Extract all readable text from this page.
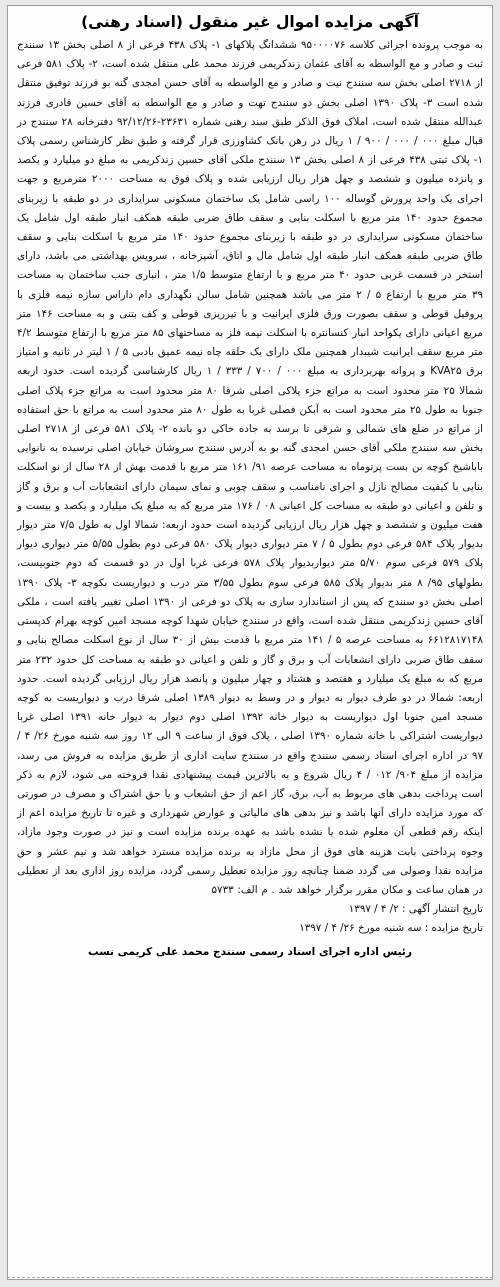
آگهی مزایده اموال غیر منقول (اسناد رهنی)
به موجب پرونده اجرائی کلاسه ۹۵۰۰۰۰۷۶ ششدانگ پلاکهای ۱- پلاک ۴۳۸ فرعی از ۸ اصلی بخش ۱۳ سنندج ثبت و صادر و مع الواسطه به آقای عثمان زندکریمی فرزند محمد علی منتقل شده است، ۲- پلاک ۵۸۱ فرعی از ۲۷۱۸ اصلی بخش سه سنندج نیت و صادر و مع الواسطه به آقای حسن امجدی گنه بو فرزند توفیق منتقل شده است ۳- پلاک ۱۳۹۰ اصلی بخش دو سنندج تهت و صادر و مع الواسطه به آقای حسین قادری فرزند عبدالله منتقل شده است، املاک فوق الذکر طبق سند رهنی شماره ۲۳۶۳۱-۹۲/۱۲/۲۶ دفترخانه ۲۸ سنندج در قبال مبلغ ۰۰۰ / ۰۰۰ / ۹۰۰ / ۱ ریال در رهن بانک کشاورزی قرار گرفته و طبق نظر کارشناس رسمی پلاک ۱- پلاک ثبتی ۴۳۸ فرعی از ۸ اصلی بخش ۱۳ سنندج ملکی آقای حسین زندکریمی به مبلغ دو میلیارد و یکصد و پانزده میلیون و ششصد و چهل هزار ریال ارزیابی شده و پلاک فوق به مساحت ۲۰۰۰ مترمربع و جهت اجرای یک واحد پرورش گوساله ۱۰۰ راسی شامل یک ساختمان مسکونی سرایداری در دو طبقه با زیربنای مجموع حدود ۱۴۰ متر مربع با اسکلت بنایی و سقف طاق ضربی طبقه همکف انبار طبقه اول شامل یک ساختمان مسکونی سرایداری در دو طبقه با زیربنای مجموع حدود ۱۴۰ متر مربع با اسکلت بنایی و سقف طاق ضربی طبقه همکف انبار طبقه اول شامل مال و اتاق، آشپزخانه ، سرویس بهداشتی می باشد، دارای استخر در قسمت غربی حدود ۴۰ متر مربع و با ارتفاع متوسط ۱/۵ متر ، انباری جنب ساختمان به مساحت ۳۹ متر مربع با ارتفاع ۵ / ۲ متر می باشد همچنین شامل سالن نگهداری دام داراس سازه نیمه فلزی با پروفیل قوطی و سقف بصورت ورق فلزی ایرانیت و با تیرریزی قوطی و کف بتنی و به مساحت ۱۴۶ متر مربع اعیانی دارای یکواحد انبار کنسانتره با اسکلت نیمه فلز به مساحتهای ۸۵ متر مربع با ارتفاع متوسط ۴/۲ متر مربع سقف ایرانیت شیبدار همچنین ملک دارای یک حلقه چاه نیمه عمیق بادبی ۵ / ۱ لیتر در ثانیه و امتیاز برق KVA۲۵ و پروانه بهربرداری به مبلغ ۰۰۰ / ۷۰۰ / ۳۳۳ / ۱ ریال کارشناسی گردیده است. حدود اربعه شمالا ۲۵ متر محدود است به مراتع جزء پلاکی اصلی شرقا ۸۰ متر محدود است به مراتع جزء پلاک اصلی جنوبا به طول ۲۵ متر محدود است به آبکن فصلی غربا به طول ۸۰ متر محدود است به مراتع با حق استفاده از مراتع در ضلع های شمالی و شرقی تا برسد به جاده خاکی دو بانده ۲- پلاک ۵۸۱ فرعی از ۲۷۱۸ اصلی بخش سه سنندج ملکی آقای حسن امجدی گنه بو به آدرس سنندج سروشان خیابان اصلی نرسیده به نانوایی باباشیخ کوچه بن بست پرتوماه به مساحت عرصه ۹۱/ ۱۶۱ متر مربع با قدمت بهش از ۲۸ سال از نو اسکلت بنایی با کیفیت مصالح نازل و اجرای نامناسب و سقف چوبی و نمای سیمان دارای انشعابات آب و برق و گاز و تلفن و اعیانی دو طبقه به مساحت کل اعیانی ۰۸ / ۱۷۶ متر مربع که به مبلغ یک میلیارد و یکصد و بیست و هفت میلیون و ششصد و چهل هزار ریال ارزیابی گردیده است حدود اربعه: شمالا اول به طول ۷/۵ متر دیوار بدیوار پلاک ۵۸۴ فرعی دوم بطول ۵ / ۷ متر دیواری دیوار پلاک ۵۸۰ فرعی دوم بطول ۵/۵۵ متر دیواری دیوار پلاک ۵۷۹ فرعی سوم ۵/۷۰ متر دیواربدیوار پلاک ۵۷۸ فرعی غربا اول در دو قسمت که دوم جنوبیست، بطولهای ۹۵/ ۸ متر بدیوار پلاک ۵۸۵ فرعی سوم بطول ۳/۵۵ متر درب و دیواریست بکوچه ۳- پلاک ۱۳۹۰ اصلی بخش دو سنندج که پس از استاندارد سازی به پلاک دو فرعی از ۱۳۹۰ اصلی تغییر یافته است ، ملکی آقای حسین زندکریمی منتقل شده است، واقع در سنندج خیابان شهدا کوچه مسجد امین کوچه بهرام کدپستی ۶۶۱۲۸۱۷۱۴۸ به مساحت عرصه ۵ / ۱۴۱ متر مربع با قدمت بیش از ۳۰ سال از نوع اسکلت مصالح بنایی و سقف طاق ضربی دارای انشعابات آب و برق و گاز و تلفن و اعیانی دو طبقه به مساحت کل حدود ۲۳۲ متر مربع که به مبلغ یک میلیارد و هفتصد و هشتاد و چهار میلیون و پانصد هزار ریال ارزیابی گردیده است. حدود اربعه: شمالا در دو طرف دیوار به دیوار و در وسط به دیوار ۱۳۸۹ اصلی شرقا درب و دیواریست به کوچه مسجد امین جنوبا اول دیواریست به دیوار خانه ۱۳۹۲ اصلی دوم دیوار به دیوار خانه ۱۳۹۱ اصلی غربا دیواریست اشتراکی با خانه شماره ۱۳۹۰ اصلی ، پلاک فوق از ساعت ۹ الی ۱۲ روز سه شنبه مورخ ۲۶/ ۴ /۹۷ در اداره اجرای اسناد رسمی سنندج واقع در سنندج سایت اداری از طریق مزایده به فروش می رسد، مزایده از مبلغ ۹۰۴/ ۰۱۲ / ۴ ریال شروع و به بالاترین قیمت پیشنهادی نقدا فروخته می شود، لازم به ذکر است پرداخت بدهی های مربوط به آب، برق، گاز اعم از حق انشعاب و یا حق اشتراک و مصرف در صورتی که مورد مزایده دارای آنها باشد و نیز بدهی های مالیاتی و عوارض شهرداری و غیره تا تاریخ مزایده اعم از اینکه رقم قطعی آن معلوم شده یا نشده باشد به عهده برنده مزایده است و نیز در صورت وجود مازاد، وجوه پرداختی بابت هزینه های فوق از محل مازاد به برنده مزایده مسترد خواهد شد و نیم عشر و حق مزایده نقدا وصولی می گردد ضمنا چنانچه روز مزایده تعطیل رسمی گردد، مزایده روز اداری بعد از تعطیلی در همان ساعت و مکان مقرر برگزار خواهد شد . م الف: ۵۷۳۳
تاریخ انتشار آگهی : ۲/ ۴ / ۱۳۹۷
تاریخ مزایده : سه شنبه مورخ ۲۶/ ۴ / ۱۳۹۷
رئیس اداره اجرای اسناد رسمی سنندج محمد علی کریمی نسب
